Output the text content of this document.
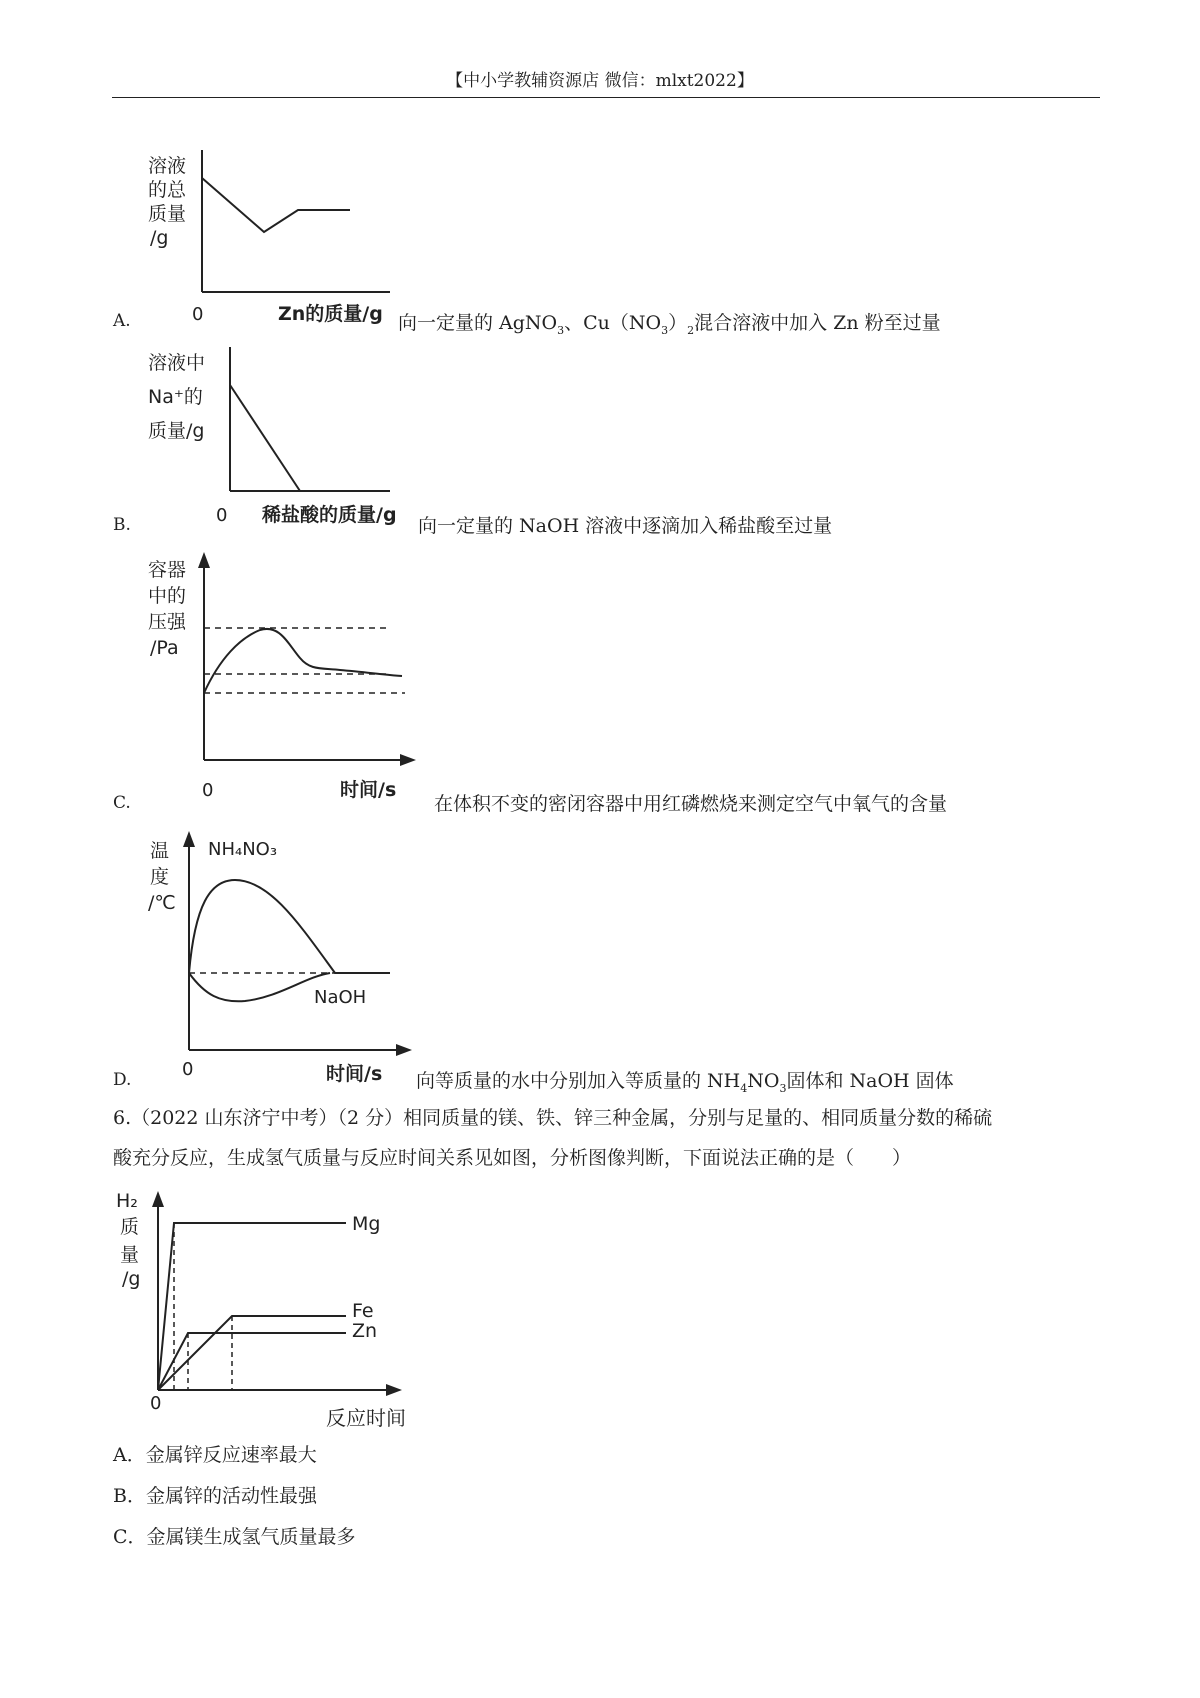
【中小学教辅资源店 微信：mlxt2022】
溶液
的总
质量
/g
0	Zn的质量/g
A.	向一定量的 AgNO$_3$、$Cu(NO_3)_2$混合溶液中加入 Zn 粉至过量
溶液中
Na⁺的
质量/g
0 稀盐酸的质量/g
B.	向一定量的 NaOH 溶液中逐滴加入稀盐酸至过量
容器
中的
压强
/Pa
0	时间/s
C.	在体积不变的密闭容器中用红磷燃烧来测定空气中氧气的含量
温
度
/℃
NH₄NO₃
NaOH
0	时间/s
D.	向等质量的水中分别加入等质量的 $NH_4NO_3$固体和 NaOH 固体
6.（2022 山东济宁中考）（2 分）相同质量的镁、铁、锌三种金属，分别与足量的、相同质量分数的稀硫
酸充分反应，生成氢气质量与反应时间关系见如图，分析图像判断，下面说法正确的是（　　）
H₂
质
量
/g
Mg
Fe
Zn
0
反应时间
A．金属锌反应速率最大
B．金属锌的活动性最强
C．金属镁生成氢气质量最多
